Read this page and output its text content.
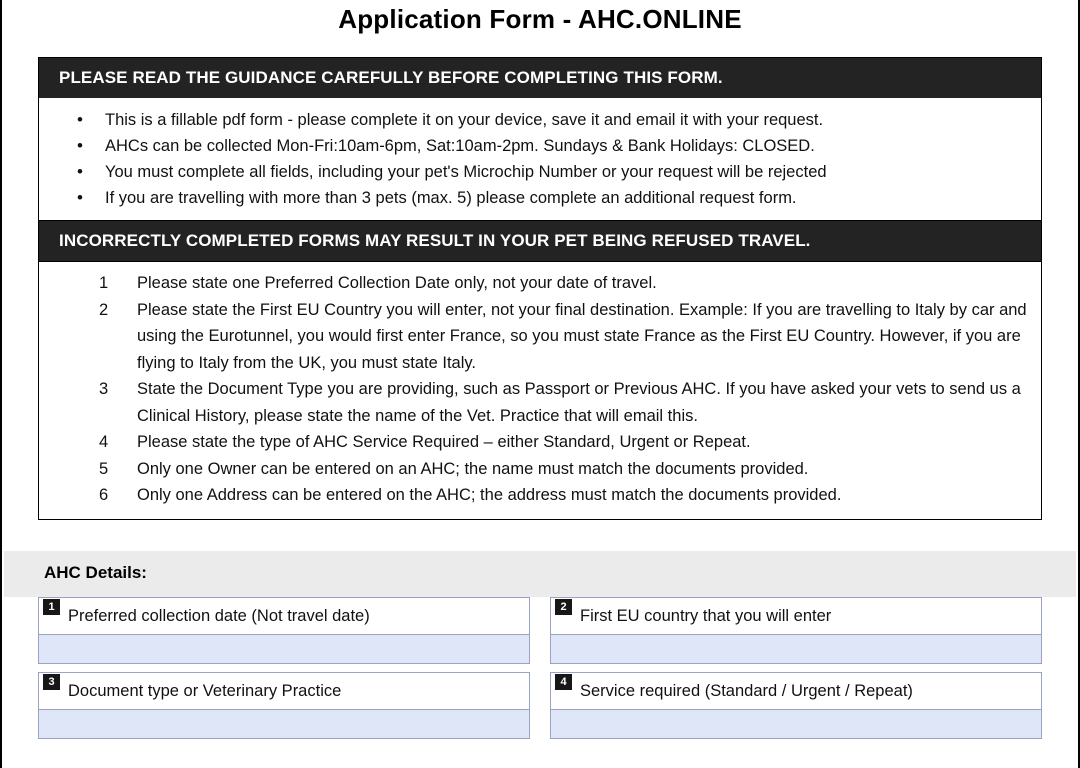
Application Form - AHC.ONLINE
PLEASE READ THE GUIDANCE CAREFULLY BEFORE COMPLETING THIS FORM.
• This is a fillable pdf form - please complete it on your device, save it and email it with your request.
• AHCs can be collected Mon-Fri:10am-6pm, Sat:10am-2pm. Sundays & Bank Holidays: CLOSED.
• You must complete all fields, including your pet's Microchip Number or your request will be rejected
• If you are travelling with more than 3 pets (max. 5) please complete an additional request form.
INCORRECTLY COMPLETED FORMS MAY RESULT IN YOUR PET BEING REFUSED TRAVEL.
Please state one Preferred Collection Date only, not your date of travel.
Please state the First EU Country you will enter, not your final destination. Example: If you are travelling to Italy by car and using the Eurotunnel, you would first enter France, so you must state France as the First EU Country. However, if you are flying to Italy from the UK, you must state Italy.
State the Document Type you are providing, such as Passport or Previous AHC. If you have asked your vets to send us a Clinical History, please state the name of the Vet. Practice that will email this.
Please state the type of AHC Service Required – either Standard, Urgent or Repeat.
Only one Owner can be entered on an AHC; the name must match the documents provided.
Only one Address can be entered on the AHC; the address must match the documents provided.
AHC Details:
1 Preferred collection date (Not travel date)	2 First EU country that you will enter
3 Document type or Veterinary Practice	4 Service required (Standard / Urgent / Repeat)
